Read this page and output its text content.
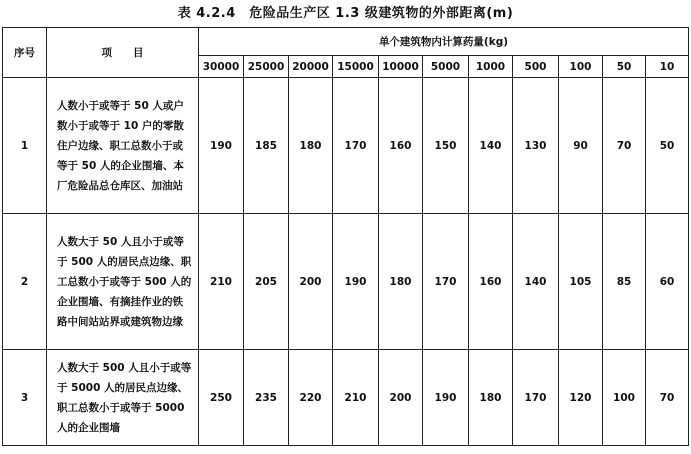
表 4.2.4　危险品生产区 1.3 级建筑物的外部距离(m)
序号	项　　目	单个建筑物内计算药量(kg)										
		30000	25000	20000	15000	10000	5000	1000	500	100	50	10
1	人数小于或等于 50 人或户数小于或等于 10 户的零散住户边缘、职工总数小于或等于 50 人的企业围墙、本厂危险品总仓库区、加油站	190	185	180	170	160	150	140	130	90	70	50
2	人数大于 50 人且小于或等于 500 人的居民点边缘、职工总数小于或等于 500 人的企业围墙、有摘挂作业的铁路中间站站界或建筑物边缘	210	205	200	190	180	170	160	140	105	85	60
3	人数大于 500 人且小于或等于 5000 人的居民点边缘、职工总数小于或等于 5000 人的企业围墙	250	235	220	210	200	190	180	170	120	100	70
